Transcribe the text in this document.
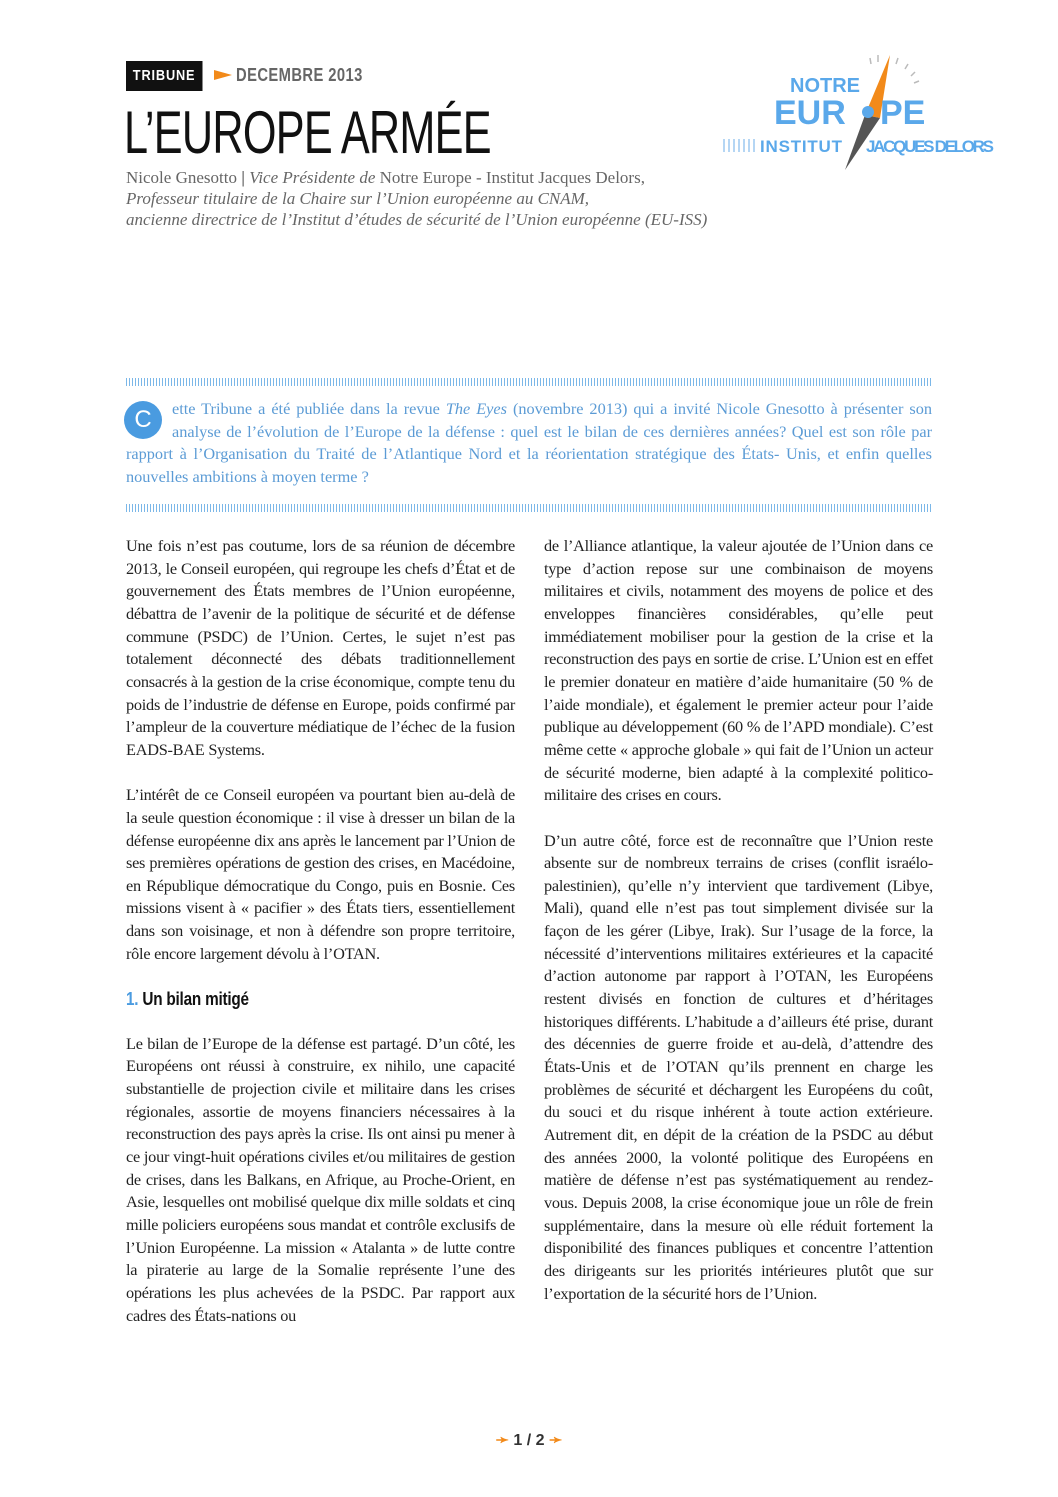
TRIBUNE	DECEMBRE 2013
L’EUROPE ARMÉE
Nicole Gnesotto | Vice Présidente de Notre Europe - Institut Jacques Delors,
Professeur titulaire de la Chaire sur l’Union européenne au CNAM,
ancienne directrice de l’Institut d’études de sécurité de l’Union européenne (EU-ISS)
NOTRE
EUR PE
INSTITUT JACQUES DELORS
C	ette Tribune a été publiée dans la revue The Eyes (novembre 2013) qui a invité Nicole Gnesotto à présenter son analyse de l’évolution de l’Europe de la défense : quel est le bilan de ces dernières années? Quel est son rôle par rapport à l’Organisation du Traité de l’Atlantique Nord et la réorientation stratégique des États- Unis, et enfin quelles nouvelles ambitions à moyen terme ?

Une fois n’est pas coutume, lors de sa réunion de décembre 2013, le Conseil européen, qui regroupe les chefs d’État et de gouvernement des États membres de l’Union européenne, débattra de l’avenir de la politique de sécurité et de défense commune (PSDC) de l’Union. Certes, le sujet n’est pas totalement déconnecté des débats traditionnellement consacrés à la gestion de la crise économique, compte tenu du poids de l’industrie de défense en Europe, poids confirmé par l’ampleur de la couverture médiatique de l’échec de la fusion EADS-BAE Systems.

L’intérêt de ce Conseil européen va pourtant bien au-delà de la seule question économique : il vise à dresser un bilan de la défense européenne dix ans après le lancement par l’Union de ses premières opérations de gestion des crises, en Macédoine, en République démocratique du Congo, puis en Bosnie. Ces missions visent à « pacifier » des États tiers, essentiellement dans son voisinage, et non à défendre son propre territoire, rôle encore largement dévolu à l’OTAN.

1. Un bilan mitigé

Le bilan de l’Europe de la défense est partagé. D’un côté, les Européens ont réussi à construire, ex nihilo, une capacité substantielle de projection civile et militaire dans les crises régionales, assortie de moyens financiers nécessaires à la reconstruction des pays après la crise. Ils ont ainsi pu mener à ce jour vingt-huit opérations civiles et/ou militaires de gestion de crises, dans les Balkans, en Afrique, au Proche-Orient, en Asie, lesquelles ont mobilisé quelque dix mille soldats et cinq mille policiers européens sous mandat et contrôle exclusifs de l’Union Européenne. La mission « Atalanta » de lutte contre la piraterie au large de la Somalie représente l’une des opérations les plus achevées de la PSDC. Par rapport aux cadres des États-nations ou

de l’Alliance atlantique, la valeur ajoutée de l’Union dans ce type d’action repose sur une combinaison de moyens militaires et civils, notamment des moyens de police et des enveloppes financières considérables, qu’elle peut immédiatement mobiliser pour la gestion de la crise et la reconstruction des pays en sortie de crise. L’Union est en effet le premier donateur en matière d’aide humanitaire (50 % de l’aide mondiale), et également le premier acteur pour l’aide publique au développement (60 % de l’APD mondiale). C’est même cette « approche globale » qui fait de l’Union un acteur de sécurité moderne, bien adapté à la complexité politico-militaire des crises en cours.

D’un autre côté, force est de reconnaître que l’Union reste absente sur de nombreux terrains de crises (conflit israélo-palestinien), qu’elle n’y intervient que tardivement (Libye, Mali), quand elle n’est pas tout simplement divisée sur la façon de les gérer (Libye, Irak). Sur l’usage de la force, la nécessité d’interventions militaires extérieures et la capacité d’action autonome par rapport à l’OTAN, les Européens restent divisés en fonction de cultures et d’héritages historiques différents. L’habitude a d’ailleurs été prise, durant des décennies de guerre froide et au-delà, d’attendre des États-Unis et de l’OTAN qu’ils prennent en charge les problèmes de sécurité et déchargent les Européens du coût, du souci et du risque inhérent à toute action extérieure. Autrement dit, en dépit de la création de la PSDC au début des années 2000, la volonté politique des Européens en matière de défense n’est pas systématiquement au rendez-vous. Depuis 2008, la crise économique joue un rôle de frein supplémentaire, dans la mesure où elle réduit fortement la disponibilité des finances publiques et concentre l’attention des dirigeants sur les priorités intérieures plutôt que sur l’exportation de la sécurité hors de l’Union.

➛ 1 / 2 ➛
